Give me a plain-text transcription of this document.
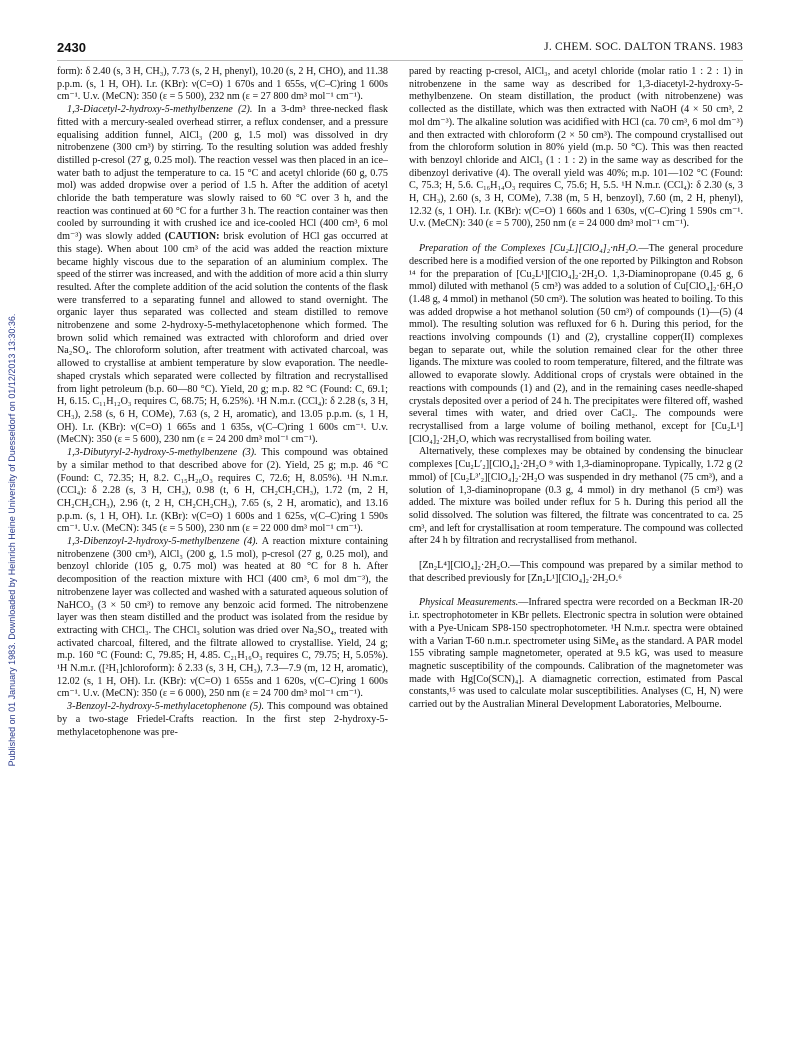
Published on 01 January 1983. Downloaded by Heinrich Heine University of Duesseldorf on 01/12/2013 13:30:36.
2430	J. CHEM. SOC. DALTON TRANS. 1983

form): δ 2.40 (s, 3 H, CH₃), 7.73 (s, 2 H, phenyl), 10.20 (s, 2 H, CHO), and 11.38 p.p.m. (s, 1 H, OH). I.r. (KBr): ν(C=O) 1 670s and 1 655s, ν(C–C)ring 1 600s cm⁻¹. U.v. (MeCN): 350 (ε = 5 500), 232 nm (ε = 27 800 dm³ mol⁻¹ cm⁻¹).

1,3-Diacetyl-2-hydroxy-5-methylbenzene (2). In a 3-dm³ three-necked flask fitted with a mercury-sealed overhead stirrer, a reflux condenser, and a pressure equalising addition funnel, AlCl₃ (200 g, 1.5 mol) was dissolved in dry nitrobenzene (300 cm³) by stirring. To the resulting solution was added freshly distilled p-cresol (27 g, 0.25 mol). The reaction vessel was then placed in an ice–water bath to adjust the temperature to ca. 15 °C and acetyl chloride (60 g, 0.75 mol) was added dropwise over a period of 1.5 h. After the addition of acetyl chloride the bath temperature was slowly raised to 60 °C over 3 h, and the reaction was continued at 60 °C for a further 3 h. The reaction container was then cooled by surrounding it with crushed ice and ice-cooled HCl (400 cm³, 6 mol dm⁻³) was slowly added (CAUTION: brisk evolution of HCl gas occurred at this stage). When about 100 cm³ of the acid was added the reaction mixture became highly viscous due to the separation of an aluminium complex. The speed of the stirrer was increased, and with the addition of more acid a thin slurry resulted. After the complete addition of the acid solution the contents of the flask were transferred to a separating funnel and allowed to stand overnight. The organic layer thus separated was collected and steam distilled to remove nitrobenzene and some 2-hydroxy-5-methylacetophenone which formed. The brown solid which remained was extracted with chloroform and dried over Na₂SO₄. The chloroform solution, after treatment with activated charcoal, was allowed to crystallise at ambient temperature by slow evaporation. The needle-shaped crystals which separated were collected by filtration and recrystallised from light petroleum (b.p. 60—80 °C). Yield, 20 g; m.p. 82 °C (Found: C, 69.1; H, 6.15. C₁₁H₁₂O₃ requires C, 68.75; H, 6.25%). ¹H N.m.r. (CCl₄): δ 2.28 (s, 3 H, CH₃), 2.58 (s, 6 H, COMe), 7.63 (s, 2 H, aromatic), and 13.05 p.p.m. (s, 1 H, OH). I.r. (KBr): ν(C=O) 1 665s and 1 635s, ν(C–C)ring 1 600s cm⁻¹. U.v. (MeCN): 350 (ε = 5 600), 230 nm (ε = 24 200 dm³ mol⁻¹ cm⁻¹).

1,3-Dibutyryl-2-hydroxy-5-methylbenzene (3). This compound was obtained by a similar method to that described above for (2). Yield, 25 g; m.p. 46 °C (Found: C, 72.35; H, 8.2. C₁₅H₂₀O₃ requires C, 72.6; H, 8.05%). ¹H N.m.r. (CCl₄): δ 2.28 (s, 3 H, CH₃), 0.98 (t, 6 H, CH₂CH₂CH₃), 1.72 (m, 2 H, CH₂CH₂CH₃), 2.96 (t, 2 H, CH₂CH₂CH₃), 7.65 (s, 2 H, aromatic), and 13.16 p.p.m. (s, 1 H, OH). I.r. (KBr): ν(C=O) 1 600s and 1 625s, ν(C–C)ring 1 590s cm⁻¹. U.v. (MeCN): 345 (ε = 5 500), 230 nm (ε = 22 000 dm³ mol⁻¹ cm⁻¹).

1,3-Dibenzoyl-2-hydroxy-5-methylbenzene (4). A reaction mixture containing nitrobenzene (300 cm³), AlCl₃ (200 g, 1.5 mol), p-cresol (27 g, 0.25 mol), and benzoyl chloride (105 g, 0.75 mol) was heated at 80 °C for 8 h. After decomposition of the reaction mixture with HCl (400 cm³, 6 mol dm⁻³), the nitrobenzene layer was collected and washed with a saturated aqueous solution of NaHCO₃ (3 × 50 cm³) to remove any benzoic acid formed. The nitrobenzene layer was then steam distilled and the product was isolated from the residue by extracting with CHCl₃. The CHCl₃ solution was dried over Na₂SO₄, treated with activated charcoal, filtered, and the filtrate allowed to crystallise. Yield, 24 g; m.p. 160 °C (Found: C, 79.85; H, 4.85. C₂₁H₁₆O₃ requires C, 79.75; H, 5.05%). ¹H N.m.r. ([²H₁]chloroform): δ 2.33 (s, 3 H, CH₃), 7.3—7.9 (m, 12 H, aromatic), 12.02 (s, 1 H, OH). I.r. (KBr): ν(C=O) 1 655s and 1 620s, ν(C–C)ring 1 600s cm⁻¹. U.v. (MeCN): 350 (ε = 6 000), 250 nm (ε = 24 700 dm³ mol⁻¹ cm⁻¹).

3-Benzoyl-2-hydroxy-5-methylacetophenone (5). This compound was obtained by a two-stage Friedel-Crafts reaction. In the first step 2-hydroxy-5-methylacetophenone was pre-

pared by reacting p-cresol, AlCl₃, and acetyl chloride (molar ratio 1 : 2 : 1) in nitrobenzene in the same way as described for 1,3-diacetyl-2-hydroxy-5-methylbenzene. On steam distillation, the product (with nitrobenzene) was collected as the distillate, which was then extracted with NaOH (4 × 50 cm³, 2 mol dm⁻³). The alkaline solution was acidified with HCl (ca. 70 cm³, 6 mol dm⁻³) and then extracted with chloroform (2 × 50 cm³). The compound crystallised out from the chloroform solution in 80% yield (m.p. 50 °C). This was then reacted with benzoyl chloride and AlCl₃ (1 : 1 : 2) in the same way as described for the dibenzoyl derivative (4). The overall yield was 40%; m.p. 101—102 °C (Found: C, 75.3; H, 5.6. C₁₆H₁₄O₃ requires C, 75.6; H, 5.5. ¹H N.m.r. (CCl₄): δ 2.30 (s, 3 H, CH₃), 2.60 (s, 3 H, COMe), 7.38 (m, 5 H, benzoyl), 7.60 (m, 2 H, phenyl), 12.32 (s, 1 OH). I.r. (KBr): ν(C=O) 1 660s and 1 630s, ν(C–C)ring 1 590s cm⁻¹. U.v. (MeCN): 340 (ε = 5 700), 250 nm (ε = 24 000 dm³ mol⁻¹ cm⁻¹).

Preparation of the Complexes [Cu₂L][ClO₄]₂·nH₂O.—The general procedure described here is a modified version of the one reported by Pilkington and Robson ¹⁴ for the preparation of [Cu₂L¹][ClO₄]₂·2H₂O. 1,3-Diaminopropane (0.45 g, 6 mmol) diluted with methanol (5 cm³) was added to a solution of Cu[ClO₄]₂·6H₂O (1.48 g, 4 mmol) in methanol (50 cm³). The solution was heated to boiling. To this was added dropwise a hot methanol solution (50 cm³) of compounds (1)—(5) (4 mmol). The resulting solution was refluxed for 6 h. During this period, for the reactions involving compounds (1) and (2), crystalline copper(II) complexes began to separate out, while the solution remained clear for the other three ligands. The mixture was cooled to room temperature, filtered, and the filtrate was allowed to evaporate slowly. Additional crops of crystals were obtained in the reactions with compounds (1) and (2), and in the remaining cases needle-shaped crystals deposited over a period of 24 h. The precipitates were filtered off, washed several times with water, and dried over CaCl₂. The compounds were recrystallised from a large volume of boiling methanol, except for [Cu₂L¹][ClO₄]₂·2H₂O, which was recrystallised from boiling water.

Alternatively, these complexes may be obtained by condensing the binuclear complexes [Cu₂L′₂][ClO₄]₂·2H₂O ⁹ with 1,3-diaminopropane. Typically, 1.72 g (2 mmol) of [Cu₂L³′₂][ClO₄]₂·2H₂O was suspended in dry methanol (75 cm³), and a solution of 1,3-diaminopropane (0.3 g, 4 mmol) in dry methanol (5 cm³) was added. The mixture was boiled under reflux for 5 h. During this period all the solid dissolved. The solution was filtered, the filtrate was concentrated to ca. 25 cm³, and left for crystallisation at room temperature. The compound was collected after 24 h by filtration and recrystallised from methanol.

[Zn₂L⁴][ClO₄]₂·2H₂O.—This compound was prepared by a similar method to that described previously for [Zn₂L¹][ClO₄]₂·2H₂O.⁶

Physical Measurements.—Infrared spectra were recorded on a Beckman IR-20 i.r. spectrophotometer in KBr pellets. Electronic spectra in solution were obtained with a Pye-Unicam SP8-150 spectrophotometer. ¹H N.m.r. spectra were obtained with a Varian T-60 n.m.r. spectrometer using SiMe₄ as the standard. A PAR model 155 vibrating sample magnetometer, operated at 9.5 kG, was used to measure magnetic susceptibility of the compounds. Calibration of the magnetometer was made with Hg[Co(SCN)₄]. A diamagnetic correction, estimated from Pascal constants,¹⁵ was used to calculate molar susceptibilities. Analyses (C, H, N) were carried out by the Australian Mineral Development Laboratories, Melbourne.
